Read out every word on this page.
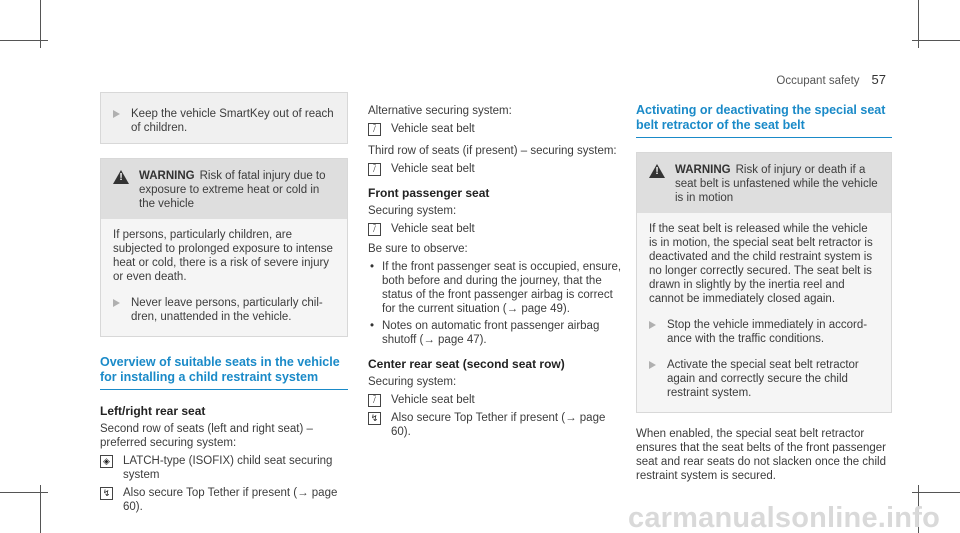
Occupant safety 57
Keep the vehicle SmartKey out of reach of children.
!	WARNING Risk of fatal injury due to exposure to extreme heat or cold in the vehicle
If persons, particularly children, are subjected to prolonged exposure to intense heat or cold, there is a risk of severe injury or even death.
Never leave persons, particularly children, unattended in the vehicle.
Overview of suitable seats in the vehicle for installing a child restraint system
Left/right rear seat

Second row of seats (left and right seat) – preferred securing system:

◈ LATCH-type (ISOFIX) child seat securing system
↯ Also secure Top Tether if present (→ page 60).

Alternative securing system:

⧶	Vehicle seat belt

Third row of seats (if present) – securing system:

⧶	Vehicle seat belt
Front passenger seat

Securing system:

⧶	Vehicle seat belt

Be sure to observe:

• If the front passenger seat is occupied, ensure, both before and during the journey, that the status of the front passenger airbag is correct for the current situation (→ page 49).
• Notes on automatic front passenger airbag shutoff (→ page 47).
Center rear seat (second seat row)

Securing system:

⧶	Vehicle seat belt
↯ Also secure Top Tether if present (→ page 60).
Activating or deactivating the special seat belt retractor of the seat belt
!	WARNING Risk of injury or death if a seat belt is unfastened while the vehicle is in motion
If the seat belt is released while the vehicle is in motion, the special seat belt retractor is deactivated and the child restraint system is no longer correctly secured. The seat belt is drawn in slightly by the inertia reel and cannot be immediately closed again.
Stop the vehicle immediately in accordance with the traffic conditions.
Activate the special seat belt retractor again and correctly secure the child restraint system.

When enabled, the special seat belt retractor ensures that the seat belts of the front passenger seat and rear seats do not slacken once the child restraint system is secured.

carmanualsonline.info
